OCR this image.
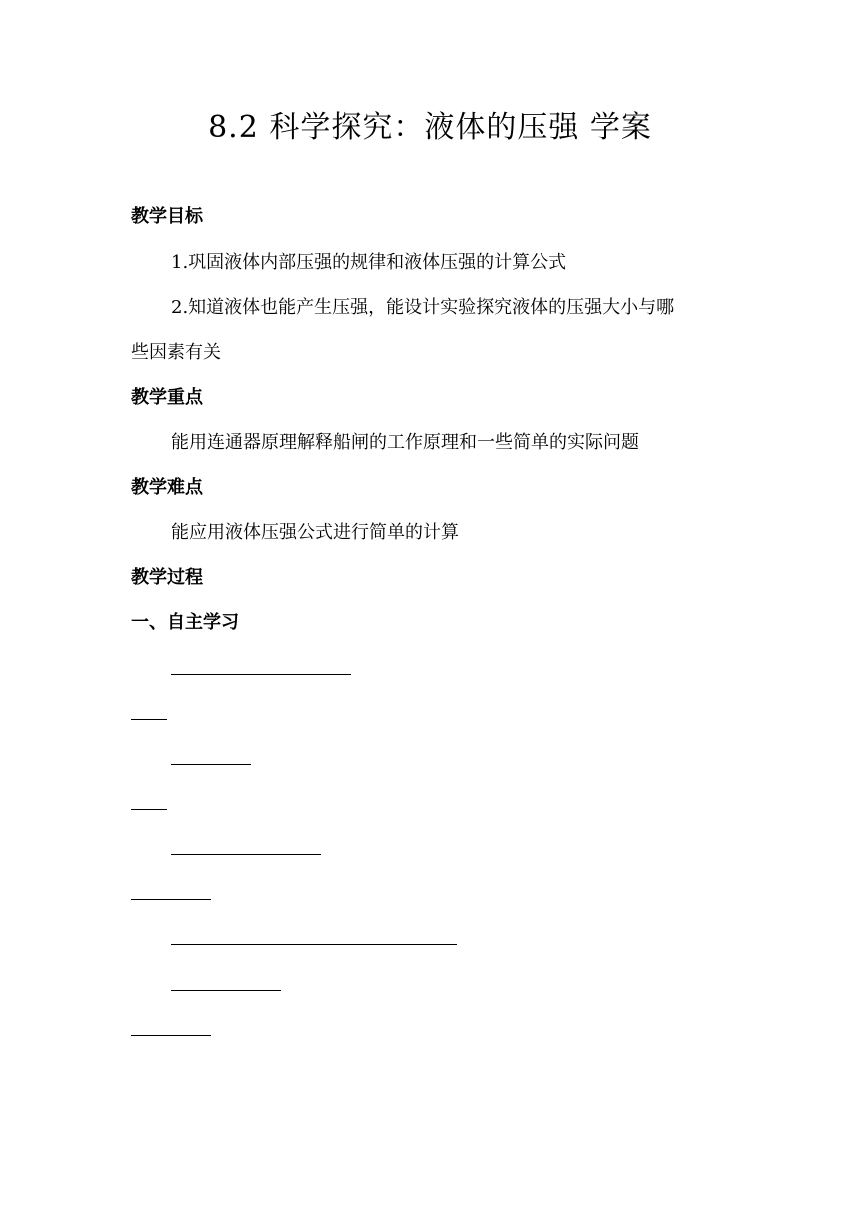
8.2 科学探究：液体的压强 学案
教学目标
1.巩固液体内部压强的规律和液体压强的计算公式
2.知道液体也能产生压强，能设计实验探究液体的压强大小与哪
些因素有关
教学重点
能用连通器原理解释船闸的工作原理和一些简单的实际问题
教学难点
能应用液体压强公式进行简单的计算
教学过程
一、自主学习
